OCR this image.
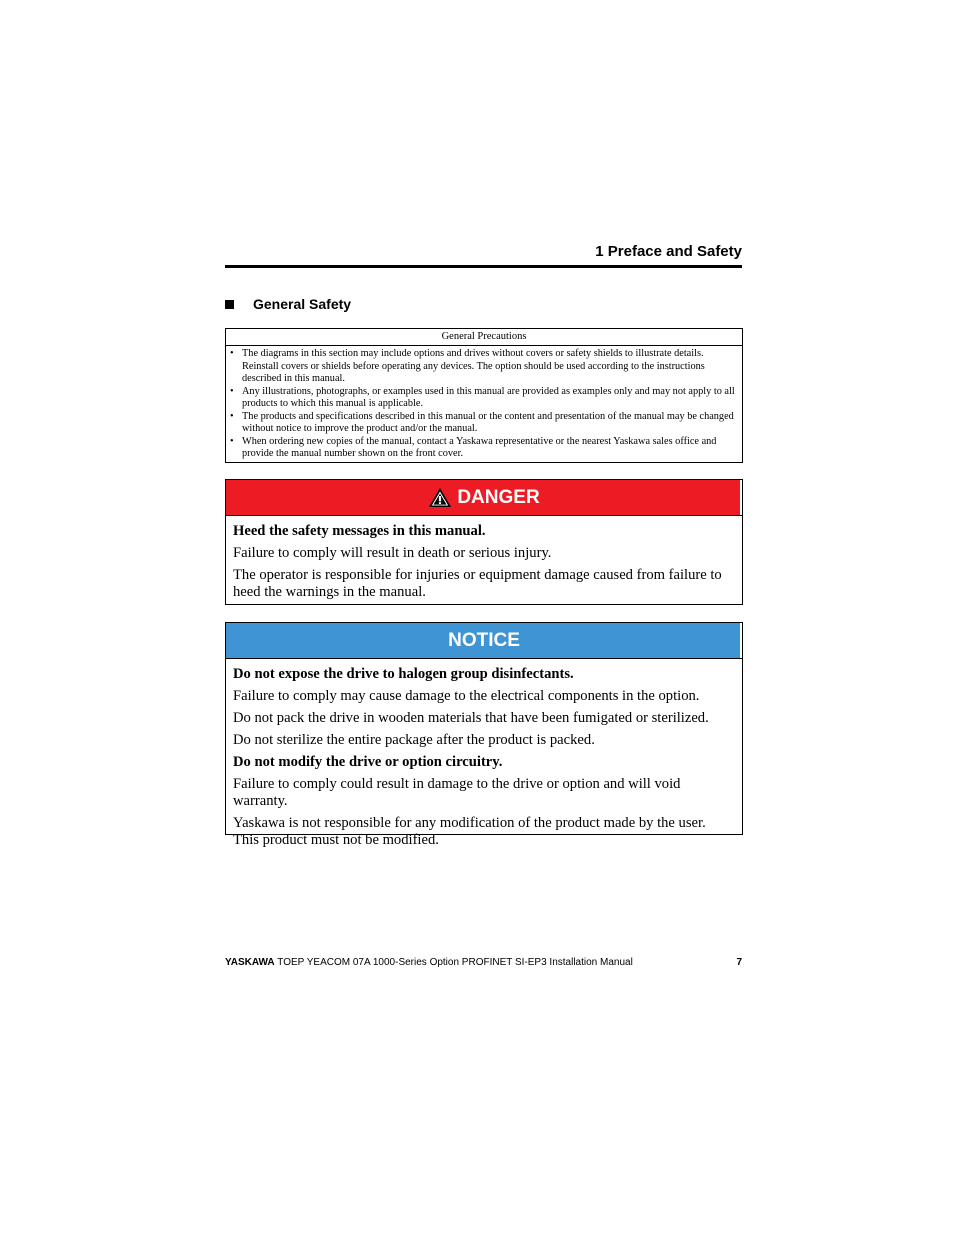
1 Preface and Safety
General Safety
General Precautions
• The diagrams in this section may include options and drives without covers or safety shields to illustrate details. Reinstall covers or shields before operating any devices. The option should be used according to the instructions described in this manual.
• Any illustrations, photographs, or examples used in this manual are provided as examples only and may not apply to all products to which this manual is applicable.
• The products and specifications described in this manual or the content and presentation of the manual may be changed without notice to improve the product and/or the manual.
• When ordering new copies of the manual, contact a Yaskawa representative or the nearest Yaskawa sales office and provide the manual number shown on the front cover.
DANGER

Heed the safety messages in this manual.

Failure to comply will result in death or serious injury.

The operator is responsible for injuries or equipment damage caused from failure to heed the warnings in the manual.

NOTICE

Do not expose the drive to halogen group disinfectants.

Failure to comply may cause damage to the electrical components in the option.

Do not pack the drive in wooden materials that have been fumigated or sterilized.

Do not sterilize the entire package after the product is packed.

Do not modify the drive or option circuitry.

Failure to comply could result in damage to the drive or option and will void warranty.

Yaskawa is not responsible for any modification of the product made by the user. This product must not be modified.

YASKAWA TOEP YEACOM 07A 1000-Series Option PROFINET SI-EP3 Installation Manual	7
